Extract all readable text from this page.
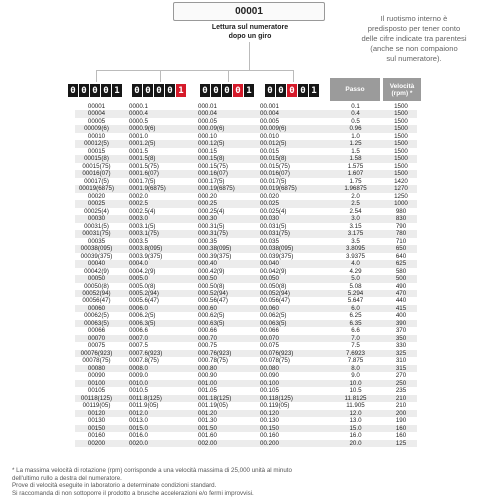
00001
Lettura sul numeratore
dopo un giro
Il ruotismo interno è
predisposto per tener conto
delle cifre indicate tra parentesi
(anche se non compaiono
sul numeratore).
0 0 0 0 1 0 0 0 0 1 0 0 0 0 1 0 0 0 0 1	Passo	Velocità
(rpm) *
00001	0000.1	000.01	00.001	0.1	1500
00004	0000.4	000.04	00.004	0.4	1500
00005	0000.5	000.05	00.005	0.5	1500
00009(6)	0000.9(6)	000.09(6)	00.009(6)	0.96	1500
00010	0001.0	000.10	00.010	1.0	1500
00012(5)	0001.2(5)	000.12(5)	00.012(5)	1.25	1500
00015	0001.5	000.15	00.015	1.5	1500
00015(8)	0001.5(8)	000.15(8)	00.015(8)	1.58	1500
00015(75)	0001.5(75)	000.15(75)	00.015(75)	1.575	1500
00016(07)	0001.6(07)	000.16(07)	00.016(07)	1.607	1500
00017(5)	0001.7(5)	000.17(5)	00.017(5)	1.75	1420
00019(6875)	0001.9(6875)	000.19(6875)	00.019(6875)	1.96875	1270
00020	0002.0	000.20	00.020	2.0	1250
00025	0002.5	000.25	00.025	2.5	1000
00025(4)	0002.5(4)	000.25(4)	00.025(4)	2.54	980
00030	0003.0	000.30	00.030	3.0	830
00031(5)	0003.1(5)	000.31(5)	00.031(5)	3.15	790
00031(75)	0003.1(75)	000.31(75)	00.031(75)	3.175	780
00035	0003.5	000.35	00.035	3.5	710
00038(095)	0003.8(095)	000.38(095)	00.038(095)	3.8095	650
00039(375)	0003.9(375)	000.39(375)	00.039(375)	3.9375	640
00040	0004.0	000.40	00.040	4.0	625
00042(9)	0004.2(9)	000.42(9)	00.042(9)	4.29	580
00050	0005.0	000.50	00.050	5.0	500
00050(8)	0005.0(8)	000.50(8)	00.050(8)	5.08	490
00052(94)	0005.2(94)	000.52(94)	00.052(94)	5.294	470
00056(47)	0005.6(47)	000.56(47)	00.056(47)	5.647	440
00060	0006.0	000.60	00.060	6.0	415
00062(5)	0006.2(5)	000.62(5)	00.062(5)	6.25	400
00063(5)	0006.3(5)	000.63(5)	00.063(5)	6.35	390
00066	0006.6	000.66	00.066	6.6	370
00070	0007.0	000.70	00.070	7.0	350
00075	0007.5	000.75	00.075	7.5	330
00076(923)	0007.6(923)	000.76(923)	00.076(923)	7.6923	325
00078(75)	0007.8(75)	000.78(75)	00.078(75)	7.875	310
00080	0008.0	000.80	00.080	8.0	315
00090	0009.0	000.90	00.090	9.0	270
00100	0010.0	001.00	00.100	10.0	250
00105	0010.5	001.05	00.105	10.5	235
00118(125)	0011.8(125)	001.18(125)	00.118(125)	11.8125	210
00119(05)	0011.9(05)	001.19(05)	00.119(05)	11.905	210
00120	0012.0	001.20	00.120	12.0	200
00130	0013.0	001.30	00.130	13.0	190
00150	0015.0	001.50	00.150	15.0	160
00160	0016.0	001.60	00.160	16.0	160
00200	0020.0	002.00	00.200	20.0	125
* La massima velocità di rotazione (rpm) corrisponde a una velocità massima di 25,000 unità al minuto
dell'ultimo rullo a destra del numeratore.
Prove di velocità eseguite in laboratorio a determinate condizioni standard.
Si raccomanda di non sottoporre il prodotto a brusche accelerazioni e/o fermi improvvisi.
